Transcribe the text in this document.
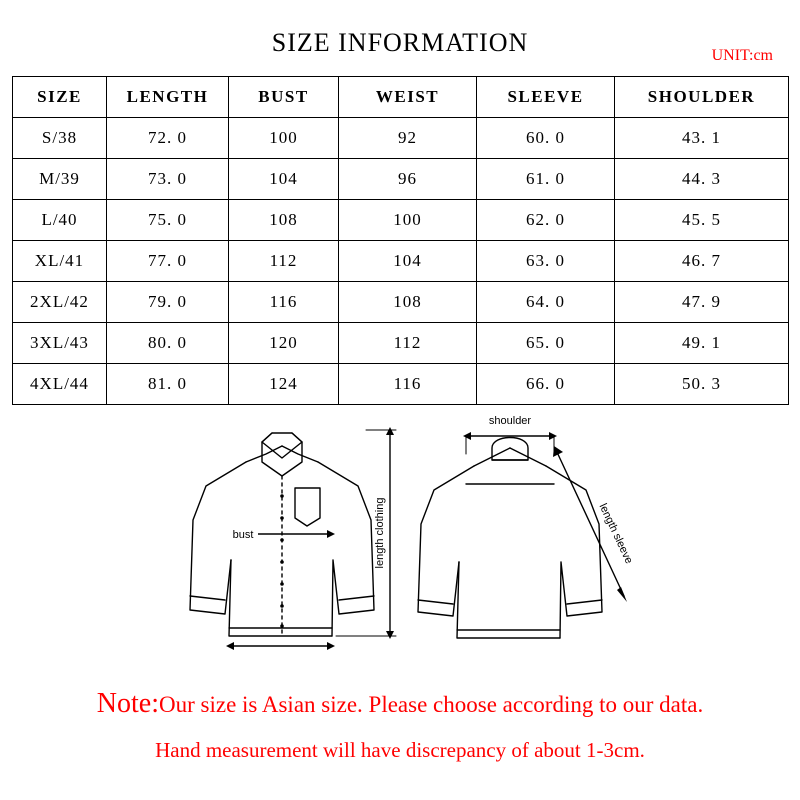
SIZE INFORMATION	UNIT:cm
SIZE	LENGTH	BUST	WEIST	SLEEVE	SHOULDER
S/38	72. 0	100	92	60. 0	43. 1
M/39	73. 0	104	96	61. 0	44. 3
L/40	75. 0	108	100	62. 0	45. 5
XL/41	77. 0	112	104	63. 0	46. 7
2XL/42	79. 0	116	108	64. 0	47. 9
3XL/43	80. 0	120	112	65. 0	49. 1
4XL/44	81. 0	124	116	66. 0	50. 3
length clothing
shoulder
length sleeve
bust
Note:Our size is Asian size. Please choose according to our data.
Hand measurement will have discrepancy of about 1-3cm.
